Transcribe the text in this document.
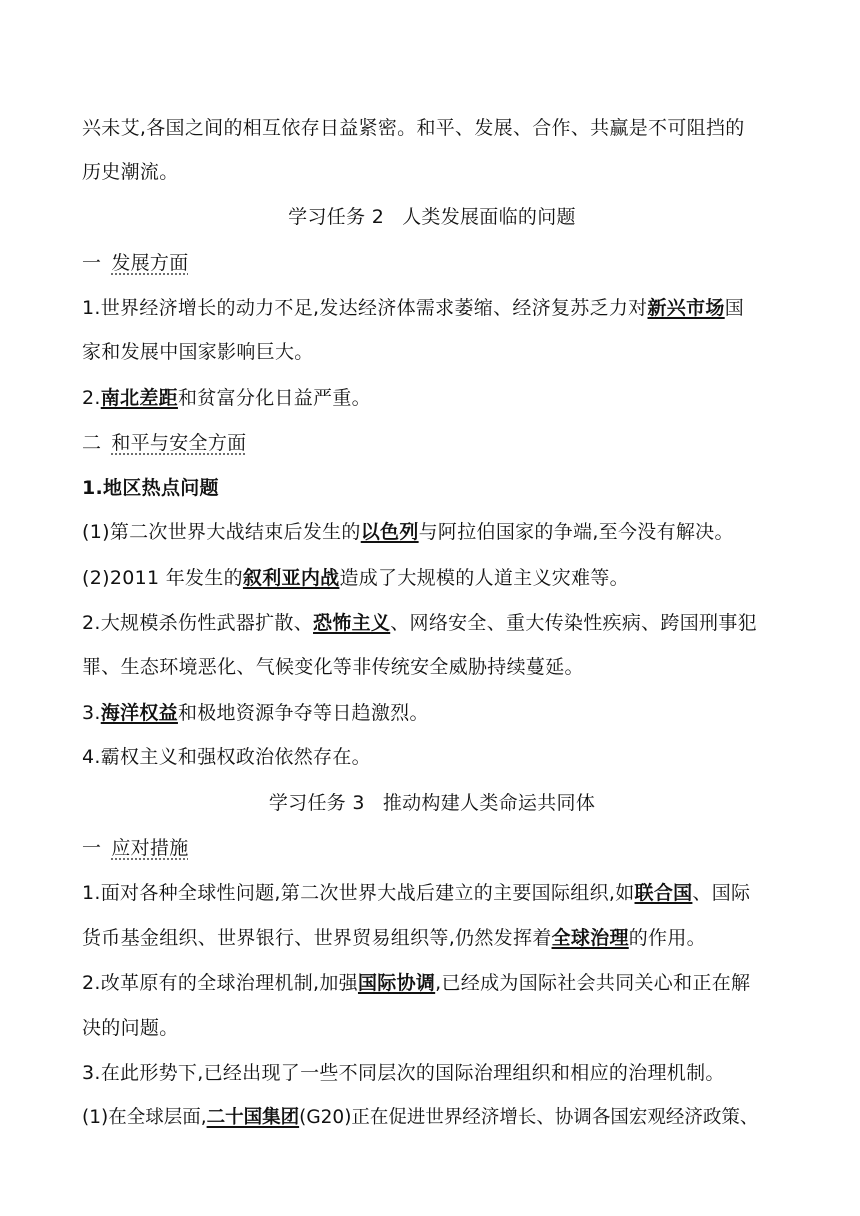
兴未艾,各国之间的相互依存日益紧密。和平、发展、合作、共赢是不可阻挡的
历史潮流。
学习任务 2 人类发展面临的问题
一 发展方面
1.世界经济增长的动力不足,发达经济体需求萎缩、经济复苏乏力对新兴市场国
家和发展中国家影响巨大。
2.南北差距和贫富分化日益严重。
二 和平与安全方面
1.地区热点问题
(1)第二次世界大战结束后发生的以色列与阿拉伯国家的争端,至今没有解决。
(2)2011 年发生的叙利亚内战造成了大规模的人道主义灾难等。
2.大规模杀伤性武器扩散、恐怖主义、网络安全、重大传染性疾病、跨国刑事犯
罪、生态环境恶化、气候变化等非传统安全威胁持续蔓延。
3.海洋权益和极地资源争夺等日趋激烈。
4.霸权主义和强权政治依然存在。
学习任务 3 推动构建人类命运共同体
一 应对措施
1.面对各种全球性问题,第二次世界大战后建立的主要国际组织,如联合国、国际
货币基金组织、世界银行、世界贸易组织等,仍然发挥着全球治理的作用。
2.改革原有的全球治理机制,加强国际协调,已经成为国际社会共同关心和正在解
决的问题。
3.在此形势下,已经出现了一些不同层次的国际治理组织和相应的治理机制。
(1)在全球层面,二十国集团(G20)正在促进世界经济增长、协调各国宏观经济政策、
